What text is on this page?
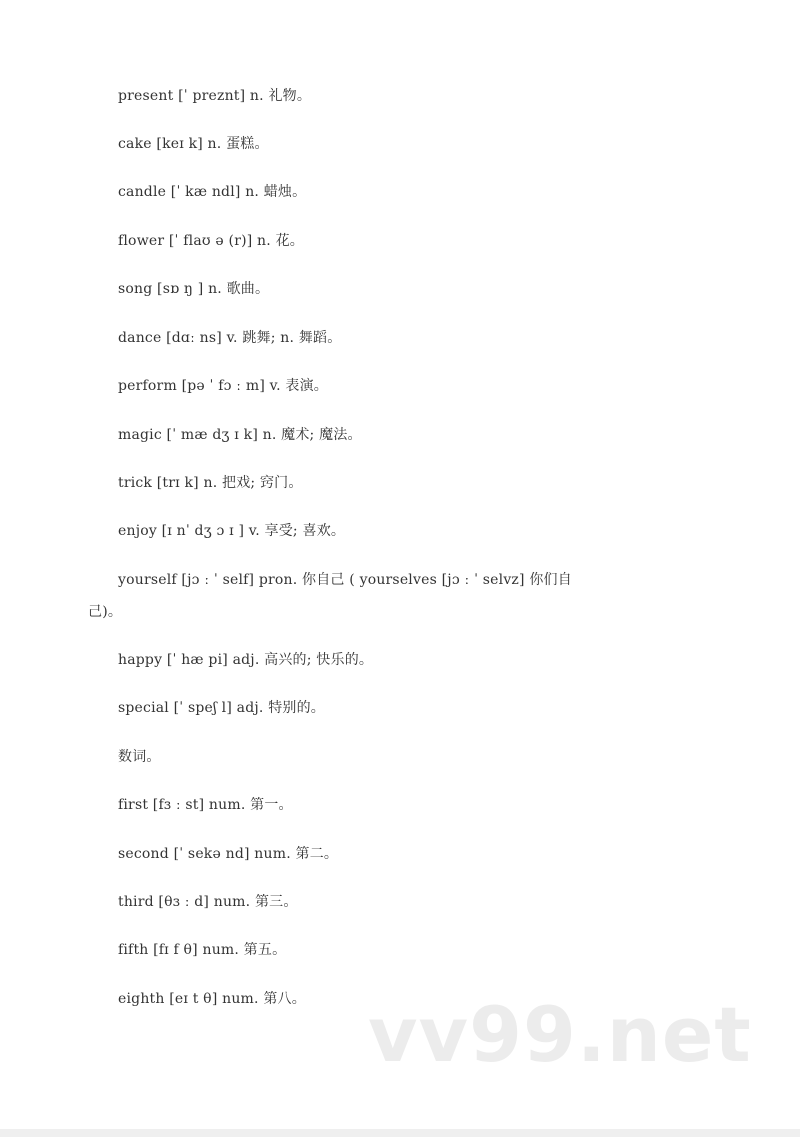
present [ˈ preznt] n. 礼物。
cake [keɪ k] n. 蛋糕。
candle [ˈ kæ ndl] n. 蜡烛。
flower [ˈ flaʊ ə (r)] n. 花。
song [sɒ ŋ ] n. 歌曲。
dance [dɑː ns] v. 跳舞; n. 舞蹈。
perform [pə ˈ fɔ ː m] v. 表演。
magic [ˈ mæ dʒ ɪ k] n. 魔术; 魔法。
trick [trɪ k] n. 把戏; 窍门。
enjoy [ɪ nˈ dʒ ɔ ɪ ] v. 享受; 喜欢。
yourself [jɔ ː ˈ self] pron. 你自己 ( yourselves [jɔ ː ˈ selvz] 你们自
己)。
happy [ˈ hæ pi] adj. 高兴的; 快乐的。
special [ˈ speʃ l] adj. 特别的。
数词。
first [fɜ ː st] num. 第一。
second [ˈ sekə nd] num. 第二。
third [θɜ ː d] num. 第三。
fifth [fɪ f θ] num. 第五。
eighth [eɪ t θ] num. 第八。 vv99.net
